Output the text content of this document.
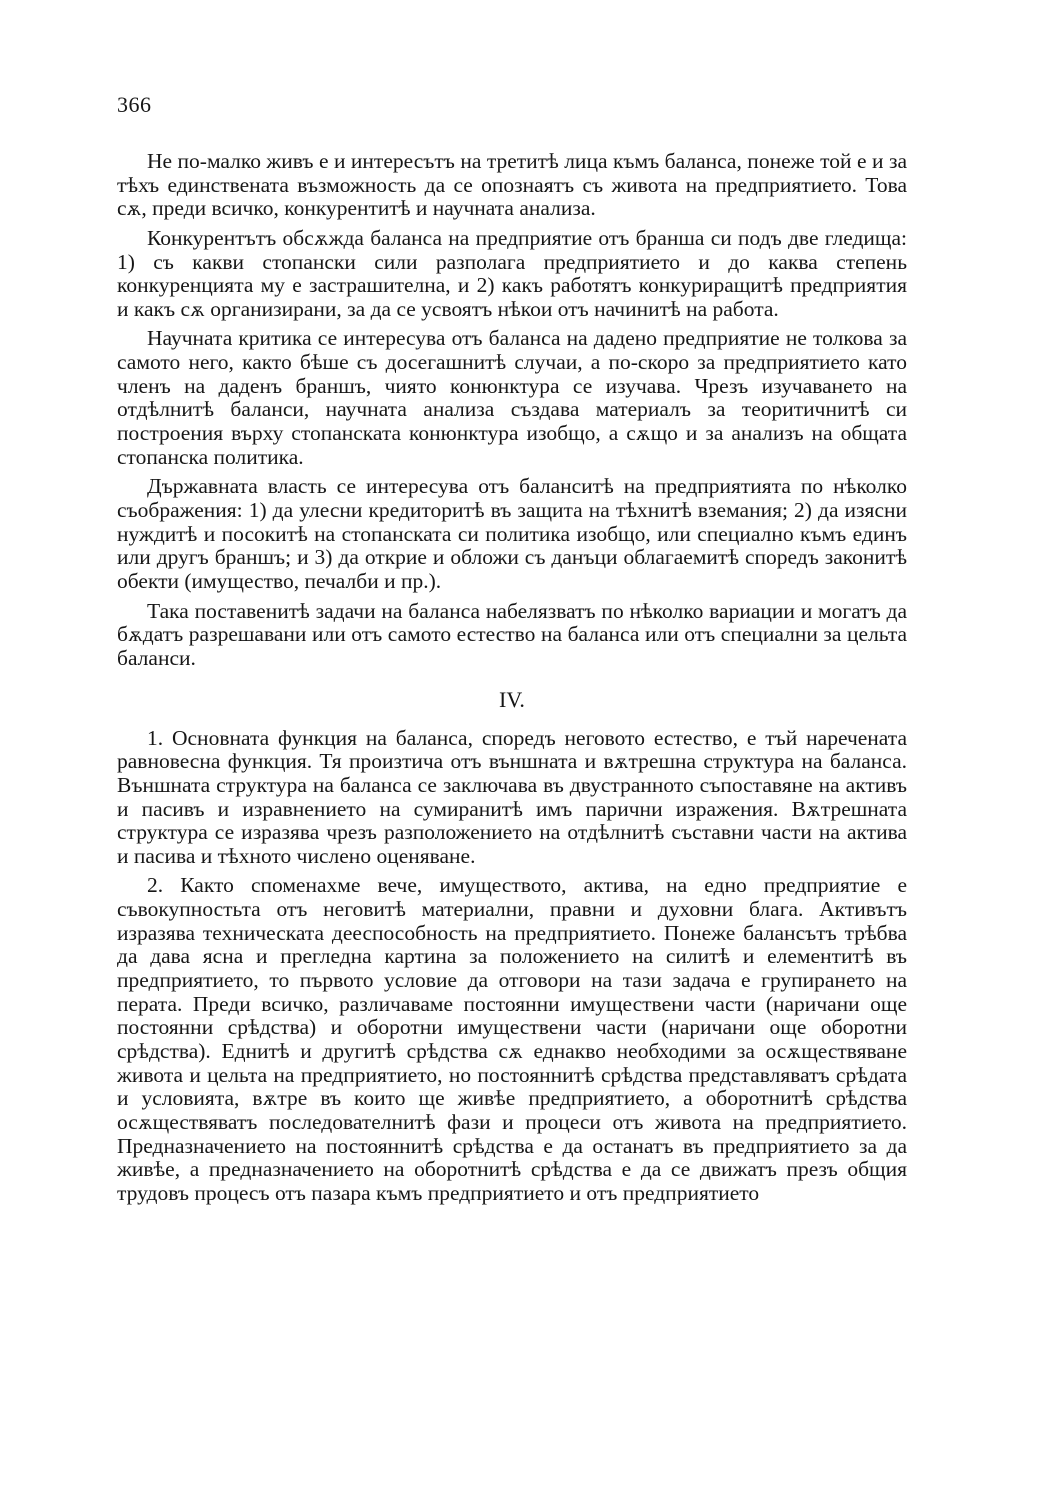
366

Не по-малко живъ е и интересътъ на третитѣ лица къмъ баланса, понеже той е и за тѣхъ единствената възможность да се опознаятъ съ живота на предприятието. Това сѫ, преди всичко, конкурентитѣ и научната анализа.

Конкурентътъ обсѫжда баланса на предприятие отъ бранша си подъ две гледища: 1) съ какви стопански сили разполага предприятието и до каква степень конкуренцията му е застрашителна, и 2) какъ работятъ конкуриращитѣ предприятия и какъ сѫ организирани, за да се усвоятъ нѣкои отъ начинитѣ на работа.

Научната критика се интересува отъ баланса на дадено предприятие не толкова за самото него, както бѣше съ досегашнитѣ случаи, а по-скоро за предприятието като членъ на даденъ браншъ, чиято конюнктура се изучава. Чрезъ изучаването на отдѣлнитѣ баланси, научната анализа създава материалъ за теоритичнитѣ си построения върху стопанската конюнктура изобщо, а сѫщо и за анализъ на общата стопанска политика.

Държавната власть се интересува отъ баланситѣ на предприятията по нѣколко съображения: 1) да улесни кредиторитѣ въ защита на тѣхнитѣ вземания; 2) да изясни нуждитѣ и посокитѣ на стопанската си политика изобщо, или специално къмъ единъ или другъ браншъ; и 3) да открие и обложи съ данъци облагаемитѣ споредъ законитѣ обекти (имущество, печалби и пр.).

Така поставенитѣ задачи на баланса набелязватъ по нѣколко вариации и могатъ да бѫдатъ разрешавани или отъ самото естество на баланса или отъ специални за цельта баланси.

IV.

1. Основната функция на баланса, споредъ неговото естество, е тъй наречената равновесна функция. Тя произтича отъ външната и вѫтрешна структура на баланса. Външната структура на баланса се заключава въ двустранното съпоставяне на активъ и пасивъ и изравнението на сумиранитѣ имъ парични изражения. Вѫтрешната структура се изразява чрезъ разположението на отдѣлнитѣ съставни части на актива и пасива и тѣхното числено оценяване.

2. Както споменахме вече, имуществото, актива, на едно предприятие е съвокупностьта отъ неговитѣ материални, правни и духовни блага. Активътъ изразява техническата дееспособность на предприятието. Понеже балансътъ трѣбва да дава ясна и прегледна картина за положението на силитѣ и елементитѣ въ предприятието, то първото условие да отговори на тази задача е групирането на перата. Преди всичко, различаваме постоянни имуществени части (наричани още постоянни срѣдства) и оборотни имуществени части (наричани още оборотни срѣдства). Еднитѣ и другитѣ срѣдства сѫ еднакво необходими за осѫществяване живота и цельта на предприятието, но постояннитѣ срѣдства представляватъ срѣдата и условията, вѫтре въ които ще живѣе предприятието, а оборотнитѣ срѣдства осѫществяватъ последователнитѣ фази и процеси отъ живота на предприятието. Предназначението на постояннитѣ срѣдства е да останатъ въ предприятието за да живѣе, а предназначението на оборотнитѣ срѣдства е да се движатъ презъ общия трудовъ процесъ отъ пазара къмъ предприятието и отъ предприятието
